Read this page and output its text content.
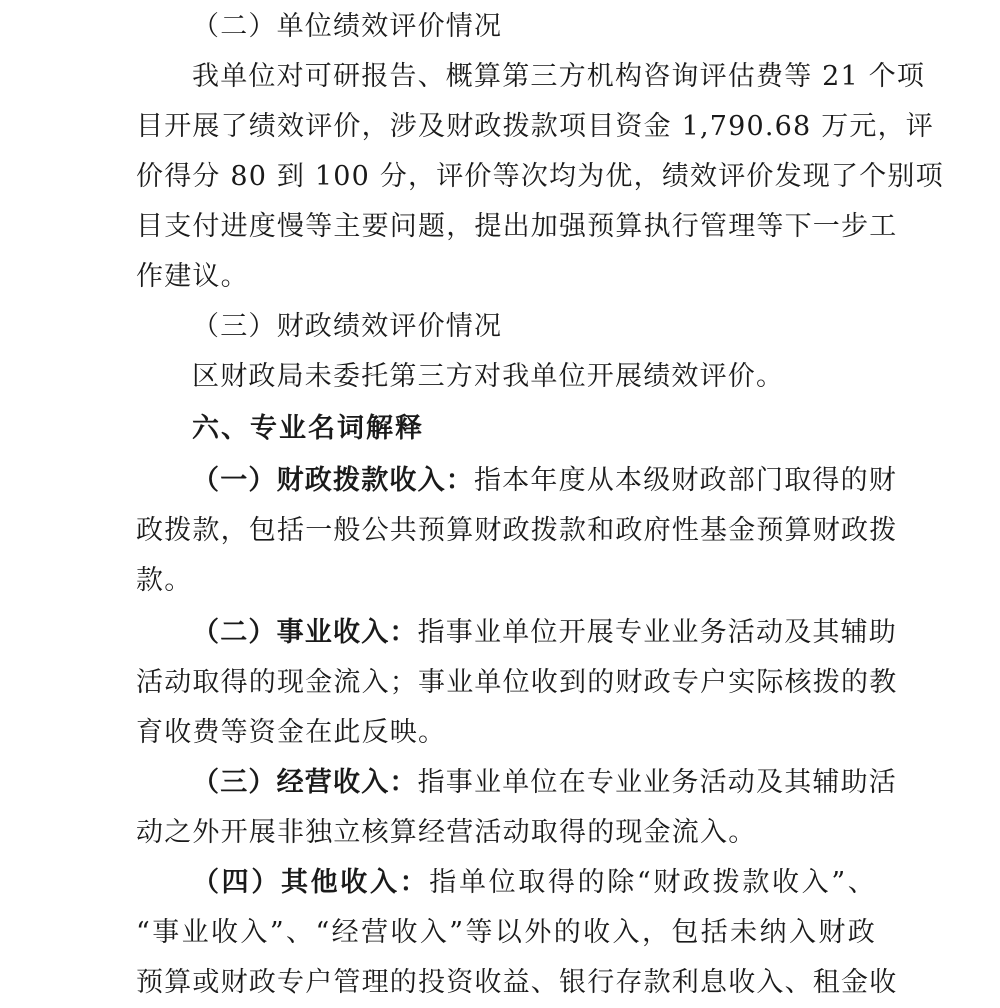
（二）单位绩效评价情况
我单位对可研报告、概算第三方机构咨询评估费等 21 个项
目开展了绩效评价，涉及财政拨款项目资金 1,790.68 万元，评
价得分 80 到 100 分，评价等次均为优，绩效评价发现了个别项
目支付进度慢等主要问题，提出加强预算执行管理等下一步工
作建议。
（三）财政绩效评价情况
区财政局未委托第三方对我单位开展绩效评价。
六、专业名词解释
（一）财政拨款收入：指本年度从本级财政部门取得的财
政拨款，包括一般公共预算财政拨款和政府性基金预算财政拨
款。
（二）事业收入：指事业单位开展专业业务活动及其辅助
活动取得的现金流入；事业单位收到的财政专户实际核拨的教
育收费等资金在此反映。
（三）经营收入：指事业单位在专业业务活动及其辅助活
动之外开展非独立核算经营活动取得的现金流入。
（四）其他收入：指单位取得的除“财政拨款收入”、
“事业收入”、“经营收入”等以外的收入，包括未纳入财政
预算或财政专户管理的投资收益、银行存款利息收入、租金收
